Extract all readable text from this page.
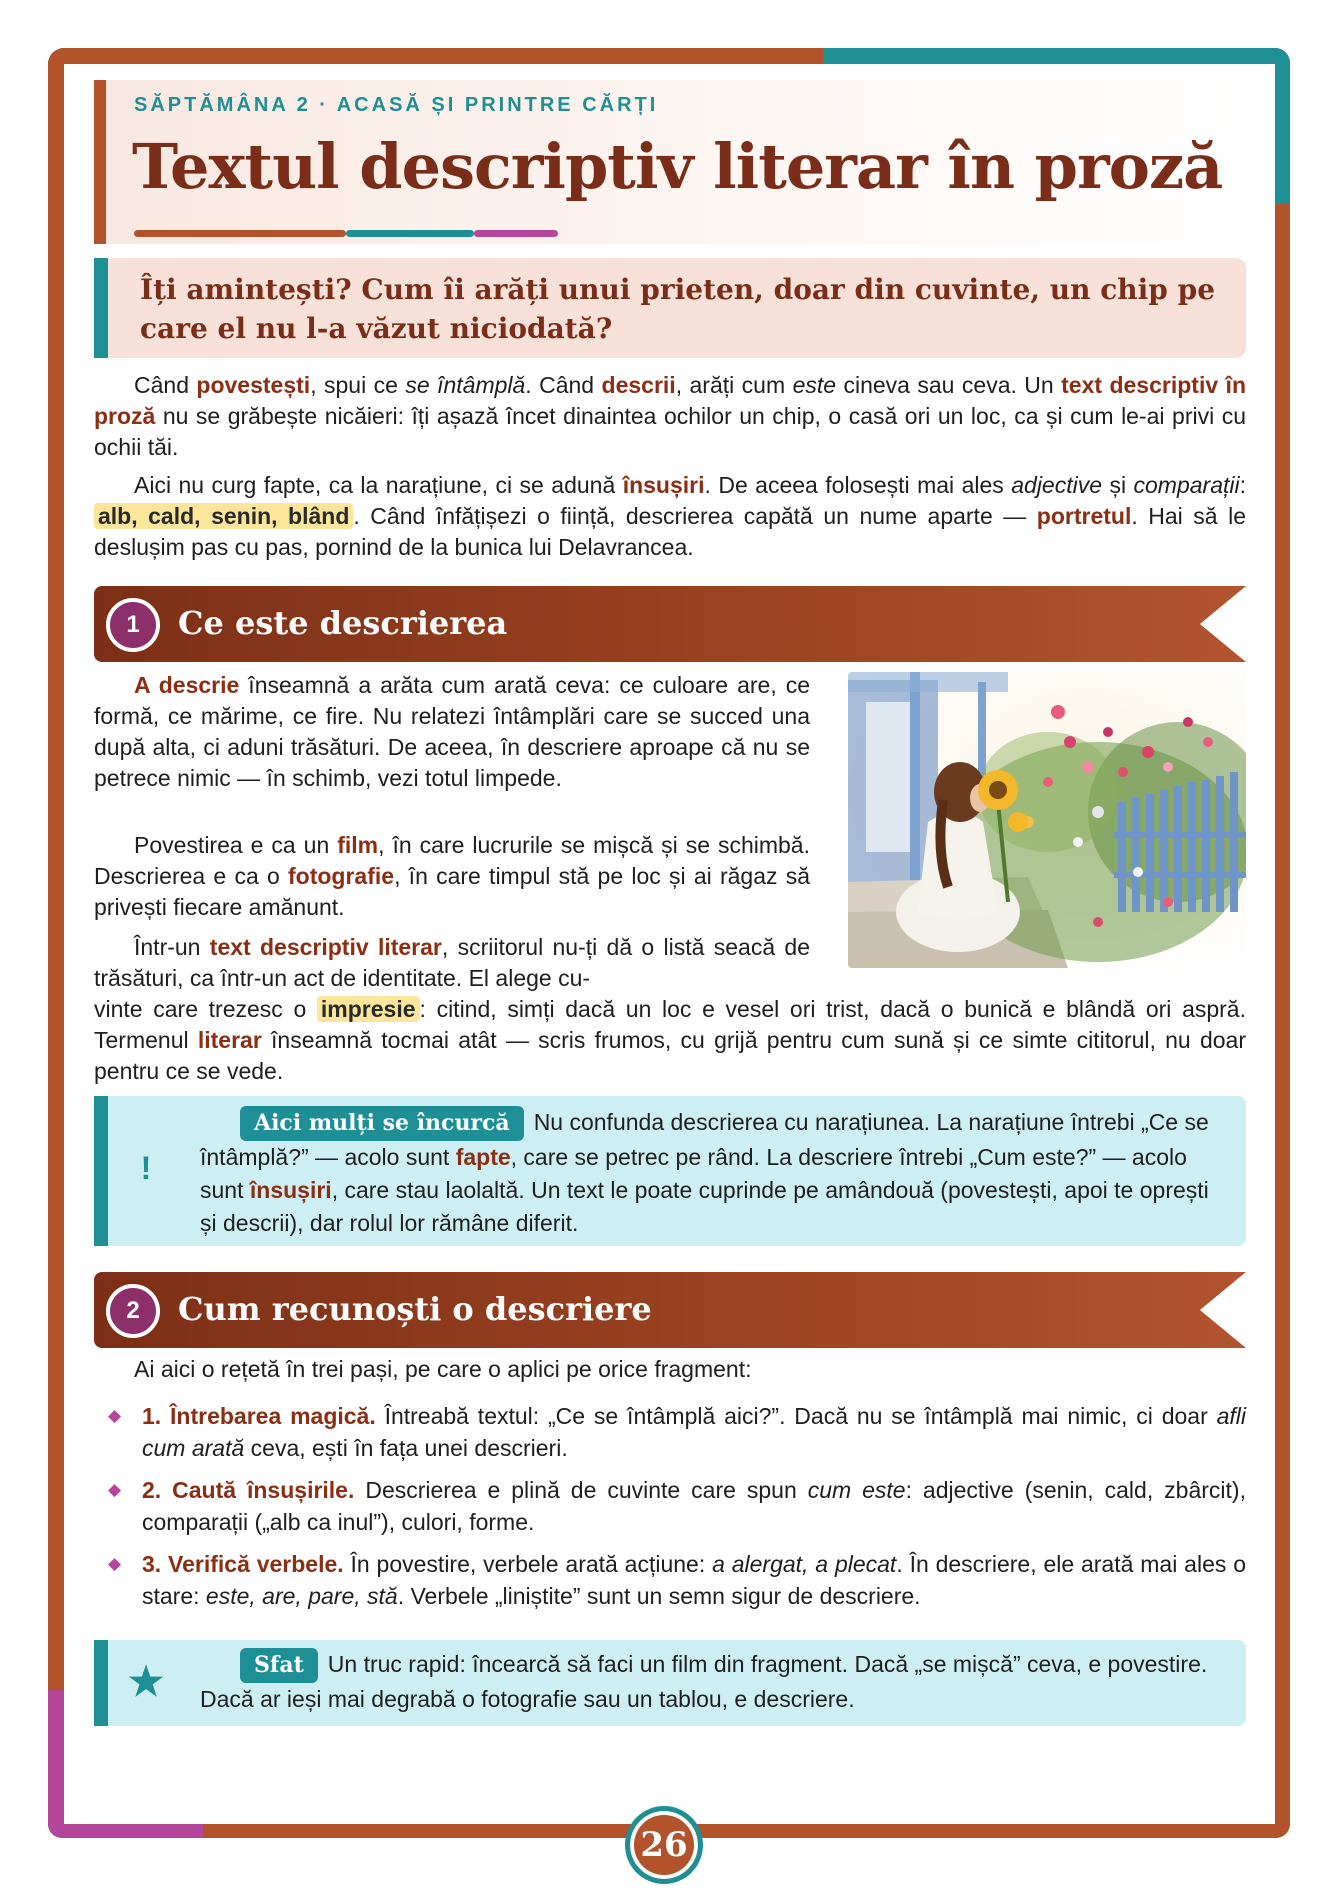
SĂPTĂMÂNA 2 · ACASĂ ȘI PRINTRE CĂRȚI
Textul descriptiv literar în proză
Îți amintești? Cum îi arăți unui prieten, doar din cuvinte, un chip pe care el nu l-a văzut niciodată?

Când povestești, spui ce se întâmplă. Când descrii, arăți cum este cineva sau ceva. Un text descriptiv în proză nu se grăbește nicăieri: îți așază încet dinaintea ochilor un chip, o casă ori un loc, ca și cum le-ai privi cu ochii tăi.

Aici nu curg fapte, ca la narațiune, ci se adună însușiri. De aceea folosești mai ales adjective și comparații: alb, cald, senin, blând . Când înfățișezi o ființă, descrierea capătă un nume aparte — portretul. Hai să le deslușim pas cu pas, pornind de la bunica lui Delavrancea.

1	Ce este descrierea

A descrie înseamnă a arăta cum arată ceva: ce culoare are, ce formă, ce mărime, ce fire. Nu relatezi întâmplări care se succed una după alta, ci aduni trăsături. De aceea, în descriere aproape că nu se petrece nimic — în schimb, vezi totul limpede.

Povestirea e ca un film, în care lucrurile se mișcă și se schimbă. Descrierea e ca o fotografie, în care timpul stă pe loc și ai răgaz să privești fiecare amănunt.

Într-un text descriptiv literar, scriitorul nu-ți dă o listă seacă de trăsături, ca într-un act de identitate. El alege cu-

vinte care trezesc o impresie : citind, simți dacă un loc e vesel ori trist, dacă o bunică e blândă ori aspră. Termenul literar înseamnă tocmai atât — scris frumos, cu grijă pentru cum sună și ce simte cititorul, nu doar pentru ce se vede.

!
Aici mulți se încurcă Nu confunda descrierea cu narațiunea. La narațiune întrebi „Ce se întâmplă?” — acolo sunt fapte, care se petrec pe rând. La descriere întrebi „Cum este?” — acolo sunt însușiri, care stau laolaltă. Un text le poate cuprinde pe amândouă (povestești, apoi te oprești și descrii), dar rolul lor rămâne diferit.
2	Cum recunoști o descriere

Ai aici o rețetă în trei pași, pe care o aplici pe orice fragment:

◆ 1. Întrebarea magică. Întreabă textul: „Ce se întâmplă aici?”. Dacă nu se întâmplă mai nimic, ci doar afli cum arată ceva, ești în fața unei descrieri.
◆ 2. Caută însușirile. Descrierea e plină de cuvinte care spun cum este: adjective (senin, cald, zbârcit), comparații („alb ca inul”), culori, forme.
◆ 3. Verifică verbele. În povestire, verbele arată acțiune: a alergat, a plecat. În descriere, ele arată mai ales o stare: este, are, pare, stă. Verbele „liniștite” sunt un semn sigur de descriere.
★	Sfat Un truc rapid: încearcă să faci un film din fragment. Dacă „se mișcă” ceva, e povestire. Dacă ar ieși mai degrabă o fotografie sau un tablou, e descriere.
26
